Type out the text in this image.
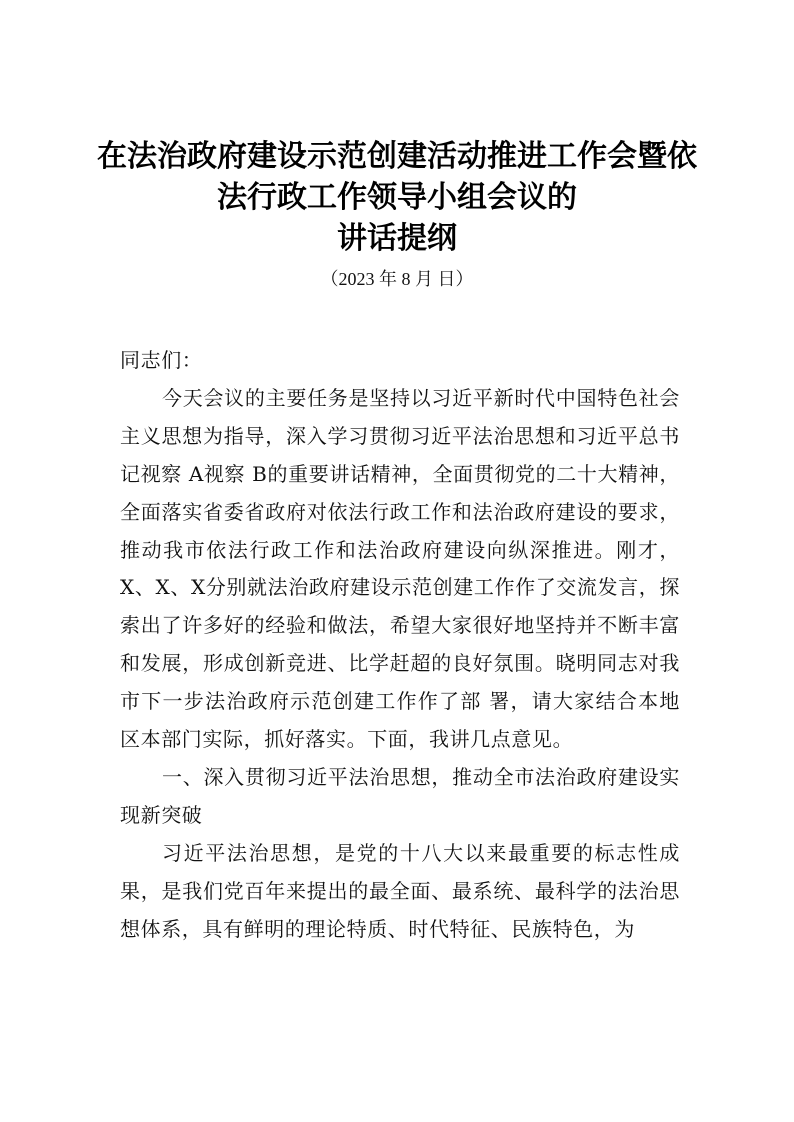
在法治政府建设示范创建活动推进工作会暨依
法行政工作领导小组会议的
讲话提纲
（2023 年 8 月 日）

同志们：

今天会议的主要任务是坚持以习近平新时代中国特色社会主义思想为指导，深入学习贯彻习近平法治思想和习近平总书记视察 A视察 B的重要讲话精神，全面贯彻党的二十大精神，全面落实省委省政府对依法行政工作和法治政府建设的要求，推动我市依法行政工作和法治政府建设向纵深推进。刚才，X、X、X分别就法治政府建设示范创建工作作了交流发言，探索出了许多好的经验和做法，希望大家很好地坚持并不断丰富和发展，形成创新竞进、比学赶超的良好氛围。晓明同志对我市下一步法治政府示范创建工作作了部 署，请大家结合本地区本部门实际，抓好落实。下面，我讲几点意见。

一、深入贯彻习近平法治思想，推动全市法治政府建设实现新突破

习近平法治思想，是党的十八大以来最重要的标志性成果，是我们党百年来提出的最全面、最系统、最科学的法治思想体系，具有鲜明的理论特质、时代特征、民族特色，为
